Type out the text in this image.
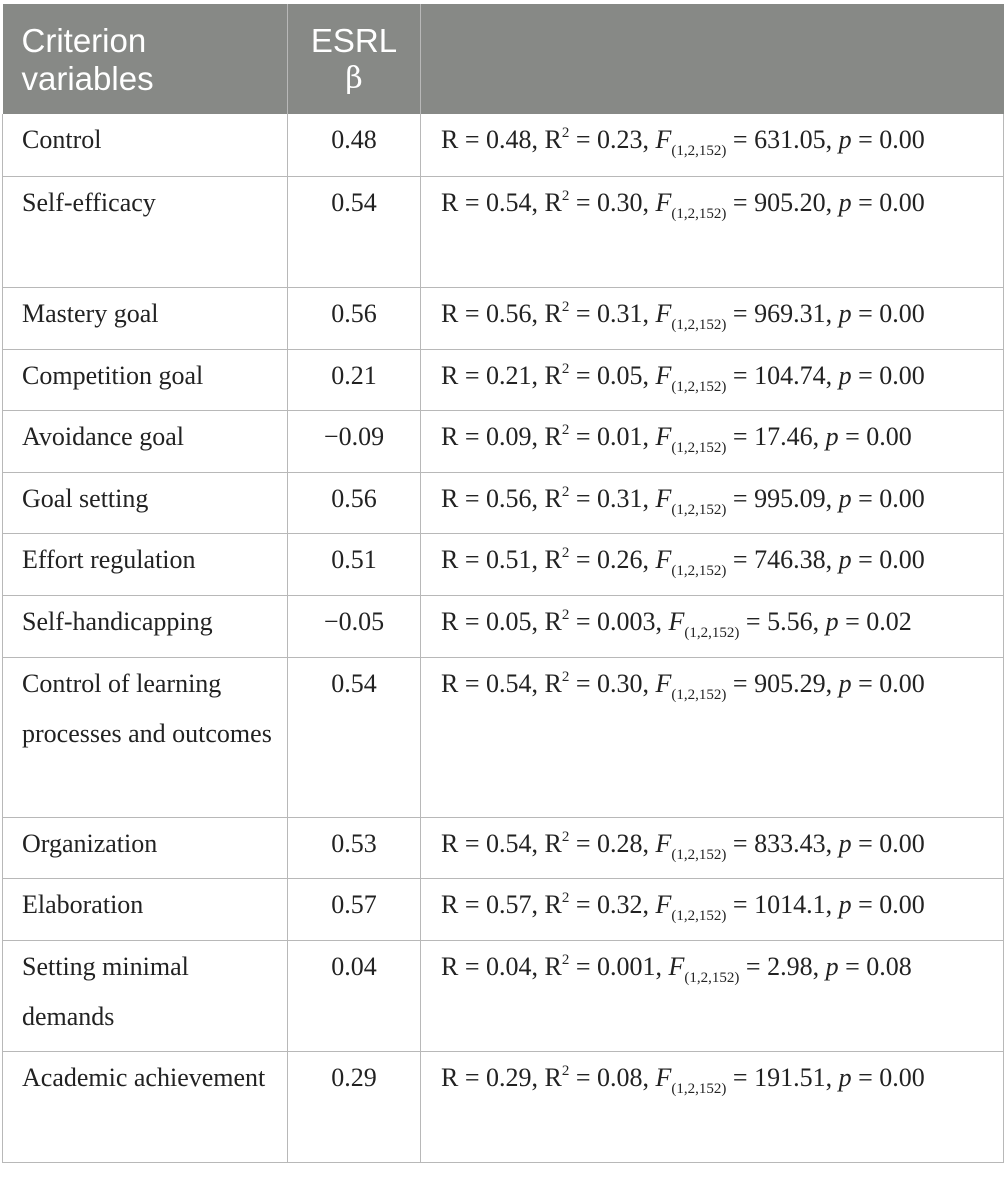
Criterion variables	ESRL
β	

Control	0.48	R = 0.48, $R^2 = 0.23$, $F_{(1,2,152)} = 631.05$, p = 0.00

Self-efficacy	0.54	R = 0.54, $R^2 = 0.30$, $F_{(1,2,152)} = 905.20$, p = 0.00

Mastery goal	0.56	R = 0.56, $R^2 = 0.31$, $F_{(1,2,152)} = 969.31$, p = 0.00

Competition goal	0.21	R = 0.21, $R^2 = 0.05$, $F_{(1,2,152)} = 104.74$, p = 0.00

Avoidance goal	−0.09	R = 0.09, $R^2 = 0.01$, $F_{(1,2,152)} = 17.46$, p = 0.00

Goal setting	0.56	R = 0.56, $R^2 = 0.31$, $F_{(1,2,152)} = 995.09$, p = 0.00

Effort regulation	0.51	R = 0.51, $R^2 = 0.26$, $F_{(1,2,152)} = 746.38$, p = 0.00

Self-handicapping	−0.05	R = 0.05, $R^2 = 0.003$, $F_{(1,2,152)} = 5.56$, p = 0.02

Control of learning processes and outcomes	0.54	R = 0.54, $R^2 = 0.30$, $F_{(1,2,152)} = 905.29$, p = 0.00

Organization	0.53	R = 0.54, $R^2 = 0.28$, $F_{(1,2,152)} = 833.43$, p = 0.00

Elaboration	0.57	R = 0.57, $R^2 = 0.32$, $F_{(1,2,152)} = 1014.1$, p = 0.00

Setting minimal demands	0.04	R = 0.04, $R^2 = 0.001$, $F_{(1,2,152)} = 2.98$, p = 0.08

Academic achievement	0.29	R = 0.29, $R^2 = 0.08$, $F_{(1,2,152)} = 191.51$, p = 0.00
